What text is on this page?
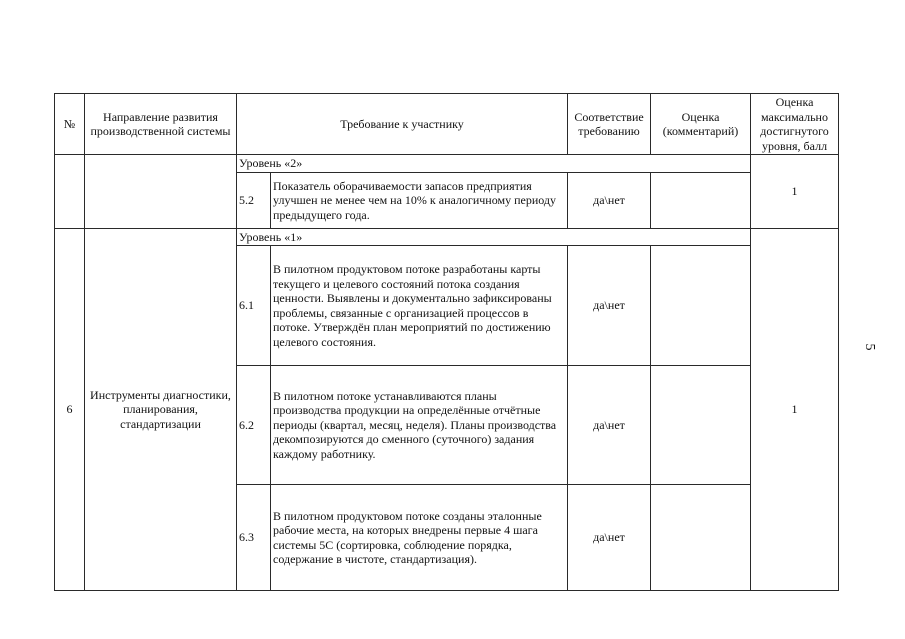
№	Направление развития производственной системы	Требование к участнику		Соответствие требованию	Оценка (комментарий)	Оценка максимально достигнутого уровня, балл
		Уровень «2»				1
		5.2	Показатель оборачиваемости запасов предприятия улучшен не менее чем на 10% к аналогичному периоду предыдущего года.	да\нет		
6	Инструменты диагностики, планирования, стандартизации	Уровень «1»				1
		6.1	В пилотном продуктовом потоке разработаны карты текущего и целевого состояний потока создания ценности. Выявлены и документально зафиксированы проблемы, связанные с организацией процессов в потоке. Утверждён план мероприятий по достижению целевого состояния.	да\нет		
		6.2	В пилотном потоке устанавливаются планы производства продукции на определённые отчётные периоды (квартал, месяц, неделя). Планы производства декомпозируются до сменного (суточного) задания каждому работнику.	да\нет		
		6.3	В пилотном продуктовом потоке созданы эталонные рабочие места, на которых внедрены первые 4 шага системы 5С (сортировка, соблюдение порядка, содержание в чистоте, стандартизация).	да\нет		
5
